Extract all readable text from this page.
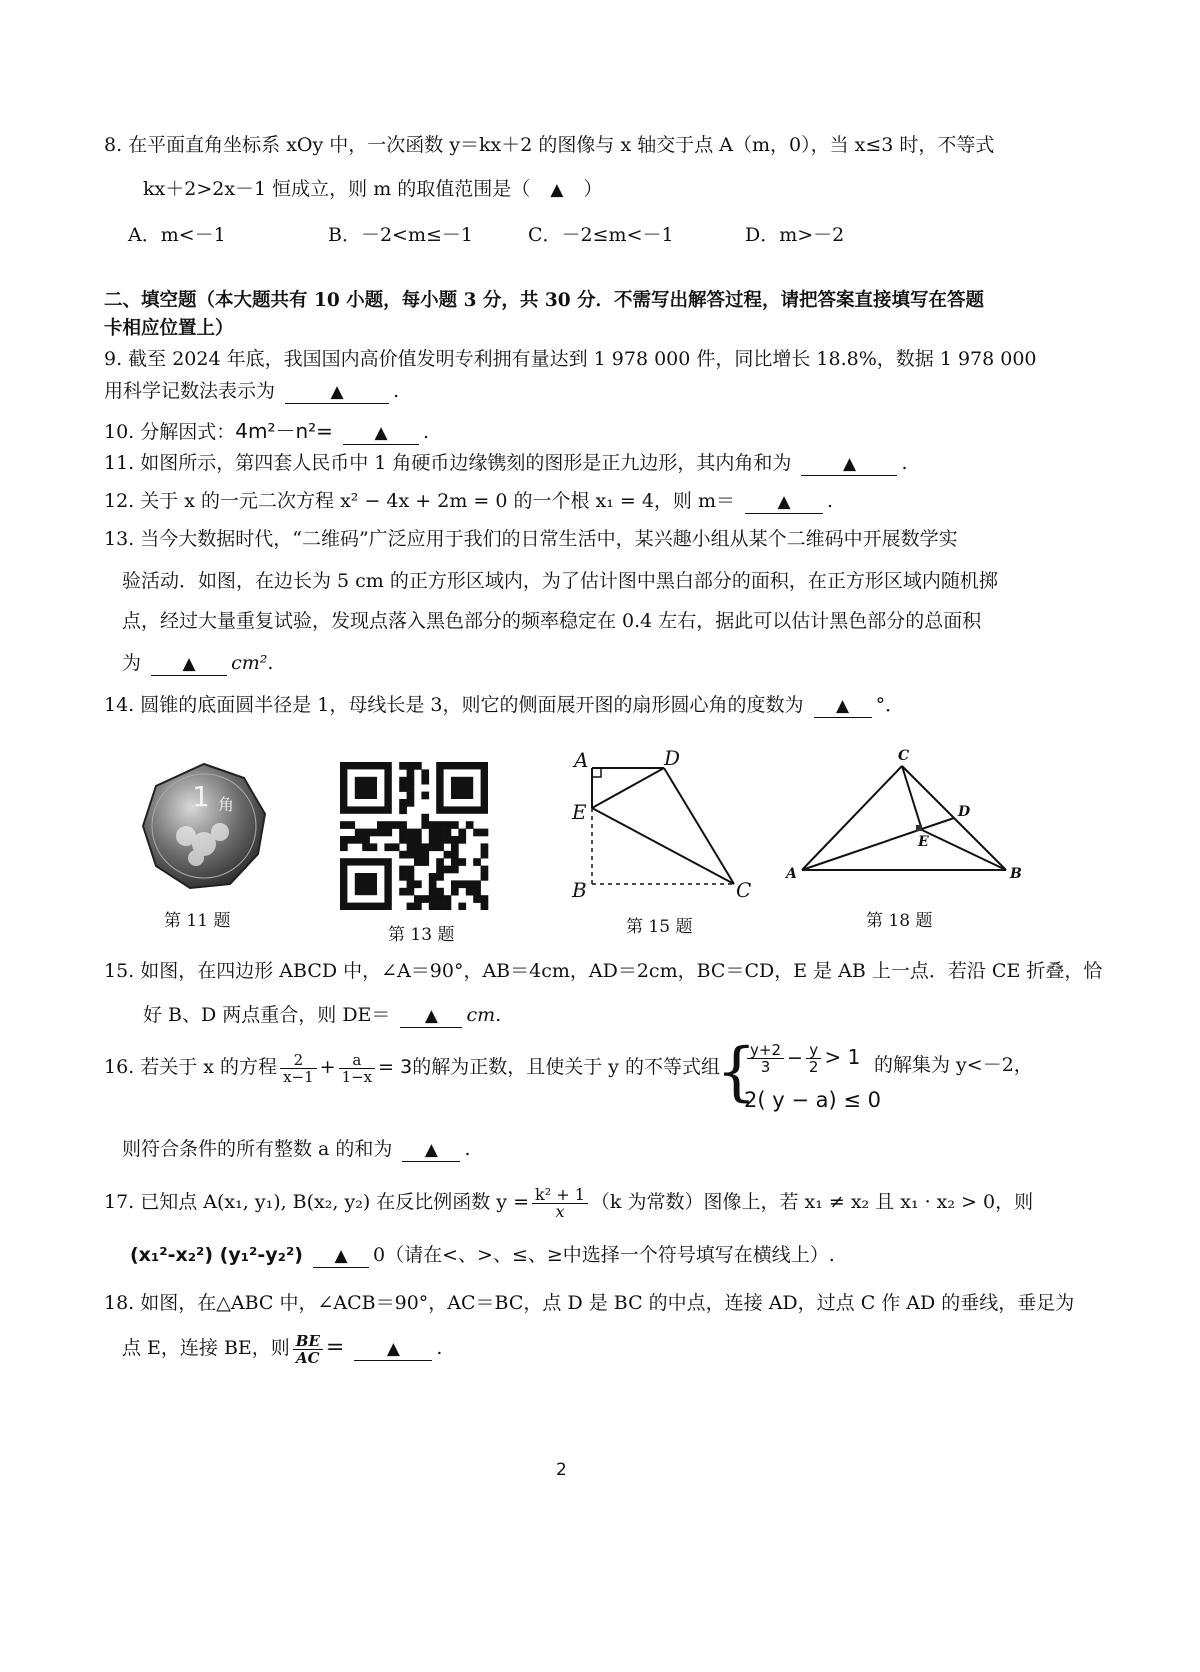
8. 在平面直角坐标系 xOy 中，一次函数 y＝kx＋2 的图像与 x 轴交于点 A（m，0），当 x≤3 时，不等式
kx＋2>2x－1 恒成立，则 m 的取值范围是（ ▲ ）
A．m<－1	B．－2<m≤－1	C．－2≤m<－1	D．m>－2
二、填空题（本大题共有 10 小题，每小题 3 分，共 30 分．不需写出解答过程，请把答案直接填写在答题
卡相应位置上）
9. 截至 2024 年底，我国国内高价值发明专利拥有量达到 1 978 000 件，同比增长 18.8%，数据 1 978 000
用科学记数法表示为	▲	.
10. 分解因式：4m²－n²= ▲ .
11. 如图所示，第四套人民币中 1 角硬币边缘镌刻的图形是正九边形，其内角和为	▲ .
12. 关于 x 的一元二次方程 x² − 4x + 2m = 0 的一个根 x₁ = 4，则 m＝	▲ .
13. 当今大数据时代，“二维码”广泛应用于我们的日常生活中，某兴趣小组从某个二维码中开展数学实
验活动．如图，在边长为 5 cm 的正方形区域内，为了估计图中黑白部分的面积，在正方形区域内随机掷
点，经过大量重复试验，发现点落入黑色部分的频率稳定在 0.4 左右，据此可以估计黑色部分的总面积
为 ▲ cm².
14. 圆锥的底面圆半径是 1，母线长是 3，则它的侧面展开图的扇形圆心角的度数为 ▲ °．
1 角
第 11 题
第 13 题
A	D
E
B	C
第 15 题
C
D
E
A	B
第 18 题
15. 如图，在四边形 ABCD 中，∠A＝90°，AB＝4cm，AD＝2cm，BC＝CD，E 是 AB 上一点．若沿 CE 折叠，恰
好 B、D 两点重合，则 DE＝ ▲ cm.
16. 若关于 x 的方程 $\frac{2}{x-1} + \frac{a}{1-x} = 3$的解为正数，且使关于 y 的不等式组
{
$\frac{y+2}{3} - \frac{y}{2} > 1$
2( y − a) ≤ 0
的解集为 y<－2，
则符合条件的所有整数 a 的和为 ▲ .
17. 已知点 A(x₁, y₁), B(x₂, y₂) 在反比例函数 $y = \frac{\text{k² + 1}}{x} (k$ 为常数）图像上，若 x₁ ≠ x₂ 且 x₁ · x₂ > 0，则
(x₁²-x₂²) (y₁²-y₂²) ▲ 0（请在<、>、≤、≥中选择一个符号填写在横线上）.
18. 如图，在△ABC 中，∠ACB＝90°，AC＝BC，点 D 是 BC 的中点，连接 AD，过点 C 作 AD 的垂线，垂足为
点 E，连接 BE，则 $\frac{BE}{AC}$ =	▲ .
2
